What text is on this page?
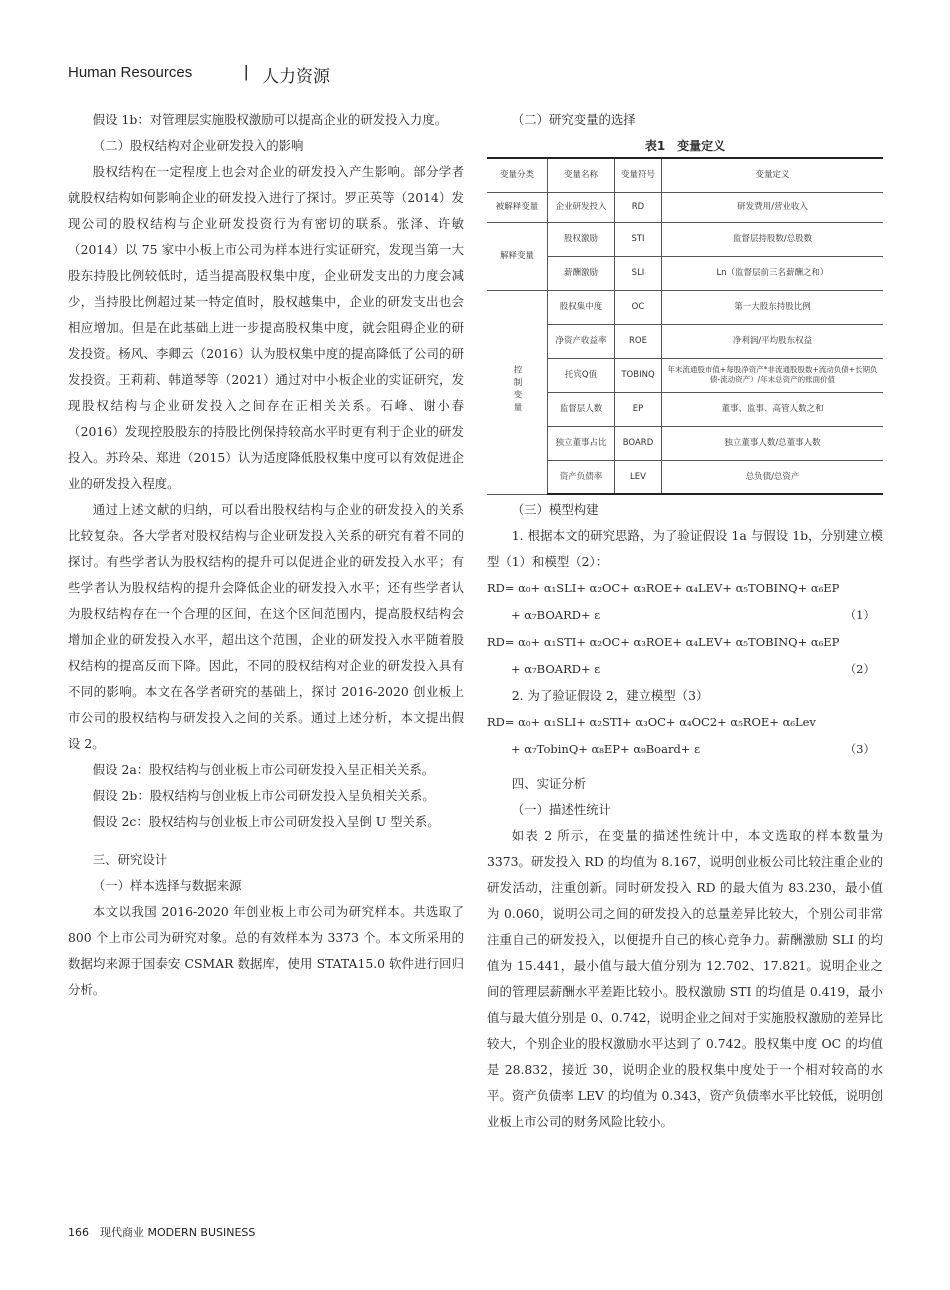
Human Resources	| 人力资源

假设 1b：对管理层实施股权激励可以提高企业的研发投入力度。

（二）股权结构对企业研发投入的影响

股权结构在一定程度上也会对企业的研发投入产生影响。部分学者就股权结构如何影响企业的研发投入进行了探讨。罗正英等（2014）发现公司的股权结构与企业研发投资行为有密切的联系。张泽、许敏（2014）以 75 家中小板上市公司为样本进行实证研究，发现当第一大股东持股比例较低时，适当提高股权集中度，企业研发支出的力度会减少，当持股比例超过某一特定值时，股权越集中，企业的研发支出也会相应增加。但是在此基础上进一步提高股权集中度，就会阻碍企业的研发投资。杨风、李卿云（2016）认为股权集中度的提高降低了公司的研发投资。王莉莉、韩道琴等（2021）通过对中小板企业的实证研究，发现股权结构与企业研发投入之间存在正相关关系。石峰、谢小春（2016）发现控股股东的持股比例保持较高水平时更有利于企业的研发投入。苏玲朵、郑进（2015）认为适度降低股权集中度可以有效促进企业的研发投入程度。

通过上述文献的归纳，可以看出股权结构与企业的研发投入的关系比较复杂。各大学者对股权结构与企业研发投入关系的研究有着不同的探讨。有些学者认为股权结构的提升可以促进企业的研发投入水平；有些学者认为股权结构的提升会降低企业的研发投入水平；还有些学者认为股权结构存在一个合理的区间，在这个区间范围内，提高股权结构会增加企业的研发投入水平，超出这个范围，企业的研发投入水平随着股权结构的提高反而下降。因此，不同的股权结构对企业的研发投入具有不同的影响。本文在各学者研究的基础上，探讨 2016-2020 创业板上市公司的股权结构与研发投入之间的关系。通过上述分析，本文提出假设 2。

假设 2a：股权结构与创业板上市公司研发投入呈正相关关系。

假设 2b：股权结构与创业板上市公司研发投入呈负相关关系。

假设 2c：股权结构与创业板上市公司研发投入呈倒 U 型关系。

三、研究设计

（一）样本选择与数据来源

本文以我国 2016-2020 年创业板上市公司为研究样本。共选取了 800 个上市公司为研究对象。总的有效样本为 3373 个。本文所采用的数据均来源于国泰安 CSMAR 数据库，使用 STATA15.0 软件进行回归分析。

（二）研究变量的选择

表1　变量定义
变量分类	变量名称	变量符号	变量定义
被解释变量	企业研发投入	RD	研发费用/营业收入
解释变量	股权激励	STI	监督层持股数/总股数
	薪酬激励	SLI	Ln（监督层前三名薪酬之和）
控制变量	股权集中度	OC	第一大股东持股比例
	净资产收益率	ROE	净利润/平均股东权益
	托宾Q值	TOBINQ	年末流通股市值+每股净资产*非流通股股数+流动负债+长期负债-流动资产）/年末总资产的账面价值
	监督层人数	EP	董事、监事、高管人数之和
	独立董事占比	BOARD	独立董事人数/总董事人数
	资产负债率	LEV	总负债/总资产

（三）模型构建

1. 根据本文的研究思路，为了验证假设 1a 与假设 1b，分别建立模型（1）和模型（2）：

RD= α₀+ α₁SLI+ α₂OC+ α₃ROE+ α₄LEV+ α₅TOBINQ+ α₆EP

+ α₇BOARD+ ε	（1）

RD= α₀+ α₁STI+ α₂OC+ α₃ROE+ α₄LEV+ α₅TOBINQ+ α₆EP

+ α₇BOARD+ ε	（2）

2. 为了验证假设 2，建立模型（3）

RD= α₀+ α₁SLI+ α₂STI+ α₃OC+ α₄OC2+ α₅ROE+ α₆Lev

+ α₇TobinQ+ α₈EP+ α₉Board+ ε	（3）

四、实证分析

（一）描述性统计

如表 2 所示，在变量的描述性统计中，本文选取的样本数量为 3373。研发投入 RD 的均值为 8.167，说明创业板公司比较注重企业的研发活动，注重创新。同时研发投入 RD 的最大值为 83.230，最小值为 0.060，说明公司之间的研发投入的总量差异比较大，个别公司非常注重自己的研发投入，以便提升自己的核心竞争力。薪酬激励 SLI 的均值为 15.441，最小值与最大值分别为 12.702、17.821。说明企业之间的管理层薪酬水平差距比较小。股权激励 STI 的均值是 0.419，最小值与最大值分别是 0、0.742，说明企业之间对于实施股权激励的差异比较大，个别企业的股权激励水平达到了 0.742。股权集中度 OC 的均值是 28.832，接近 30，说明企业的股权集中度处于一个相对较高的水平。资产负债率 LEV 的均值为 0.343，资产负债率水平比较低，说明创业板上市公司的财务风险比较小。

166　现代商业 MODERN BUSINESS
